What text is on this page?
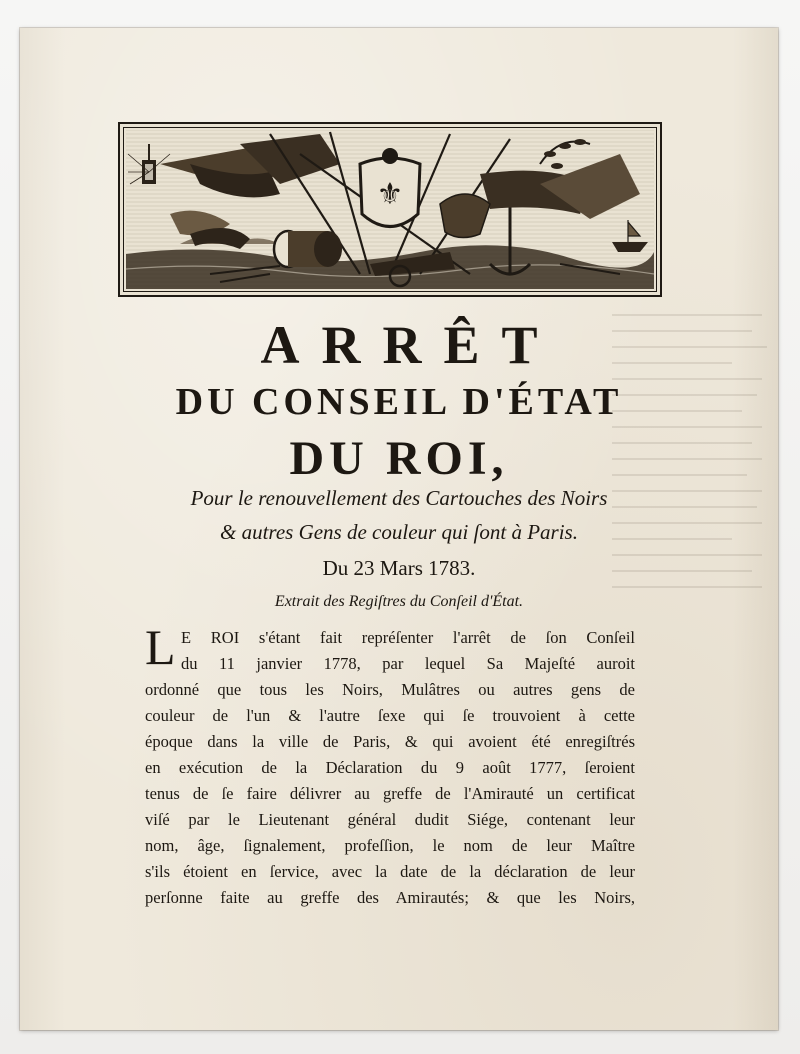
⚜
ARRÊT
DU CONSEIL D'ÉTAT
DU ROI,
Pour le renouvellement des Cartouches des Noirs
& autres Gens de couleur qui ſont à Paris.
Du 23 Mars 1783.
Extrait des Regiſtres du Conſeil d'État.
L E ROI s'étant fait repréſenter l'arrêt de ſon Conſeil
du 11 janvier 1778, par lequel Sa Majeſté auroit
ordonné que tous les Noirs, Mulâtres ou autres gens de
couleur de l'un & l'autre ſexe qui ſe trouvoient à cette
époque dans la ville de Paris, & qui avoient été enregiſtrés
en exécution de la Déclaration du 9 août 1777, ſeroient
tenus de ſe faire délivrer au greffe de l'Amirauté un certificat
viſé par le Lieutenant général dudit Siége, contenant leur
nom, âge, ſignalement, profeſſion, le nom de leur Maître
s'ils étoient en ſervice, avec la date de la déclaration de leur
perſonne faite au greffe des Amirautés; & que les Noirs,
